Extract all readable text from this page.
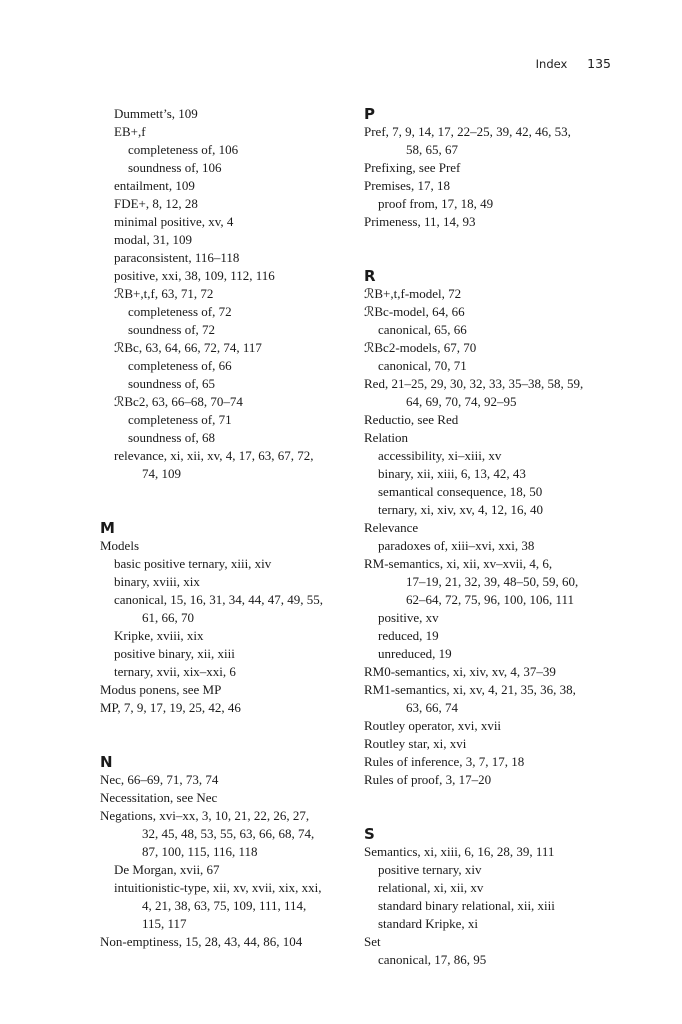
Index 135
Dummett’s, 109
EB+,f
completeness of, 106
soundness of, 106
entailment, 109
FDE+, 8, 12, 28
minimal positive, xv, 4
modal, 31, 109
paraconsistent, 116–118
positive, xxi, 38, 109, 112, 116
ℛB+,t,f, 63, 71, 72
completeness of, 72
soundness of, 72
ℛBc, 63, 64, 66, 72, 74, 117
completeness of, 66
soundness of, 65
ℛBc2, 63, 66–68, 70–74
completeness of, 71
soundness of, 68
relevance, xi, xii, xv, 4, 17, 63, 67, 72,
74, 109
M
Models
basic positive ternary, xiii, xiv
binary, xviii, xix
canonical, 15, 16, 31, 34, 44, 47, 49, 55,
61, 66, 70
Kripke, xviii, xix
positive binary, xii, xiii
ternary, xvii, xix–xxi, 6
Modus ponens, see MP
MP, 7, 9, 17, 19, 25, 42, 46
N
Nec, 66–69, 71, 73, 74
Necessitation, see Nec
Negations, xvi–xx, 3, 10, 21, 22, 26, 27,
32, 45, 48, 53, 55, 63, 66, 68, 74,
87, 100, 115, 116, 118
De Morgan, xvii, 67
intuitionistic-type, xii, xv, xvii, xix, xxi,
4, 21, 38, 63, 75, 109, 111, 114,
115, 117
Non-emptiness, 15, 28, 43, 44, 86, 104
P
Pref, 7, 9, 14, 17, 22–25, 39, 42, 46, 53,
58, 65, 67
Prefixing, see Pref
Premises, 17, 18
proof from, 17, 18, 49
Primeness, 11, 14, 93
R
ℛB+,t,f-model, 72
ℛBc-model, 64, 66
canonical, 65, 66
ℛBc2-models, 67, 70
canonical, 70, 71
Red, 21–25, 29, 30, 32, 33, 35–38, 58, 59,
64, 69, 70, 74, 92–95
Reductio, see Red
Relation
accessibility, xi–xiii, xv
binary, xii, xiii, 6, 13, 42, 43
semantical consequence, 18, 50
ternary, xi, xiv, xv, 4, 12, 16, 40
Relevance
paradoxes of, xiii–xvi, xxi, 38
RM-semantics, xi, xii, xv–xvii, 4, 6,
17–19, 21, 32, 39, 48–50, 59, 60,
62–64, 72, 75, 96, 100, 106, 111
positive, xv
reduced, 19
unreduced, 19
RM0-semantics, xi, xiv, xv, 4, 37–39
RM1-semantics, xi, xv, 4, 21, 35, 36, 38,
63, 66, 74
Routley operator, xvi, xvii
Routley star, xi, xvi
Rules of inference, 3, 7, 17, 18
Rules of proof, 3, 17–20
S
Semantics, xi, xiii, 6, 16, 28, 39, 111
positive ternary, xiv
relational, xi, xii, xv
standard binary relational, xii, xiii
standard Kripke, xi
Set
canonical, 17, 86, 95
